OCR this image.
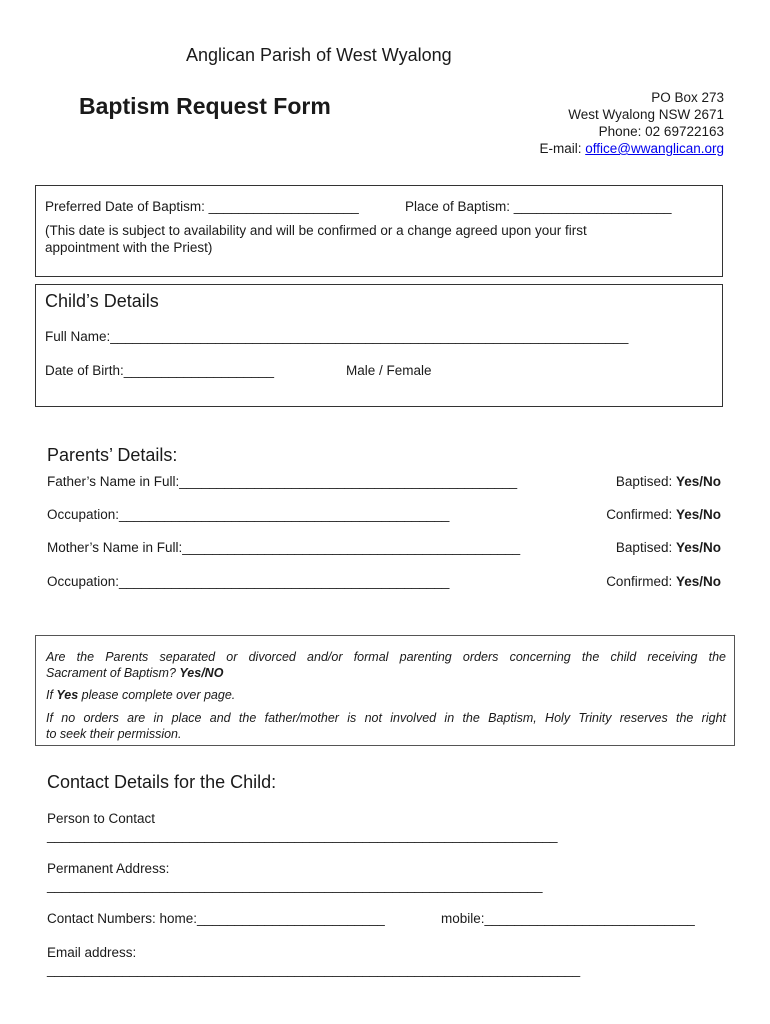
Anglican Parish of West Wyalong
Baptism Request Form	PO Box 273
West Wyalong NSW 2671
Phone: 02 69722163
E-mail: office@wwanglican.org
Preferred Date of Baptism: ____________________	Place of Baptism: _____________________
(This date is subject to availability and will be confirmed or a change agreed upon your first
appointment with the Priest)
Child’s Details
Full Name:_____________________________________________________________________
Date of Birth:____________________	Male / Female
Parents’ Details:
Father’s Name in Full:_____________________________________________	Baptised: Yes/No
Occupation:____________________________________________	Confirmed: Yes/No
Mother’s Name in Full:_____________________________________________	Baptised: Yes/No
Occupation:____________________________________________	Confirmed: Yes/No
Are the Parents separated or divorced and/or formal parenting orders concerning the child receiving the
Sacrament of Baptism? Yes/NO
If Yes please complete over page.
If no orders are in place and the father/mother is not involved in the Baptism, Holy Trinity reserves the right
to seek their permission.
Contact Details for the Child:
Person to Contact
____________________________________________________________________
Permanent Address:
__________________________________________________________________
Contact Numbers: home:_________________________	mobile:____________________________
Email address:
_______________________________________________________________________
